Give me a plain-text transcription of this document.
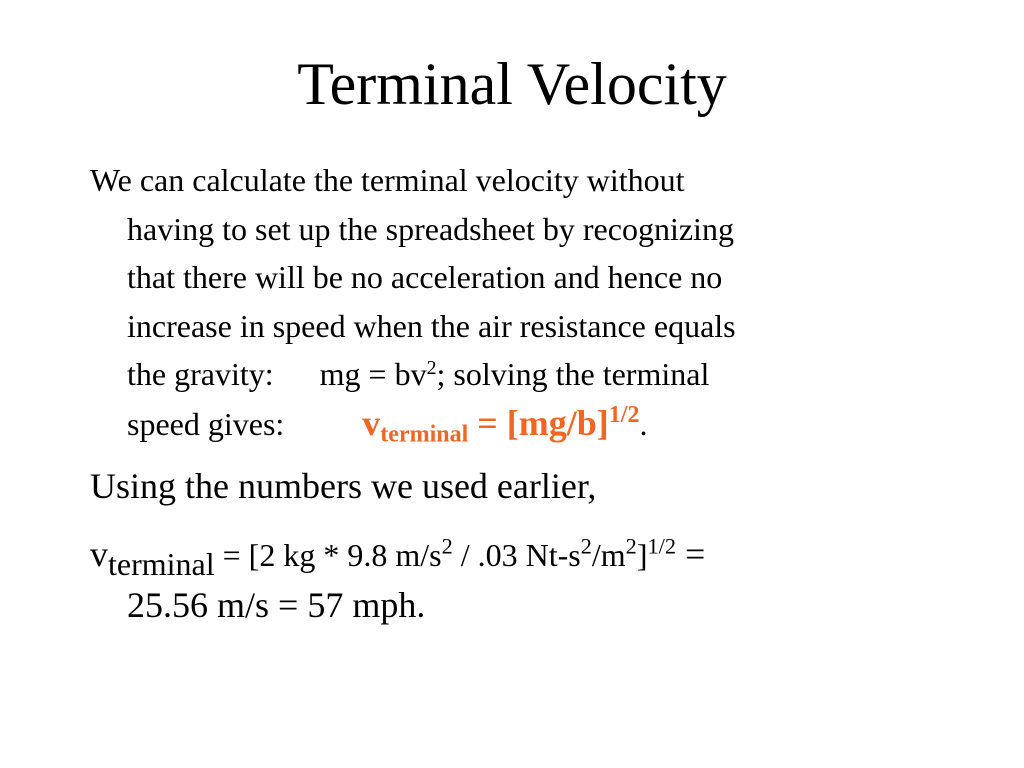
Terminal Velocity
We can calculate the terminal velocity without
having to set up the spreadsheet by recognizing
that there will be no acceleration and hence no
increase in speed when the air resistance equals
the gravity: mg = $bv^2$; solving the terminal
speed gives: $v_{terminal} = [mg/b]^{1/2}$.
Using the numbers we used earlier,
$v_{terminal} = [2$ kg * 9.8 $m/s^2 / .03$ $Nt-s^2/m^2]^{1/2}$ =
25.56 m/s = 57 mph.
